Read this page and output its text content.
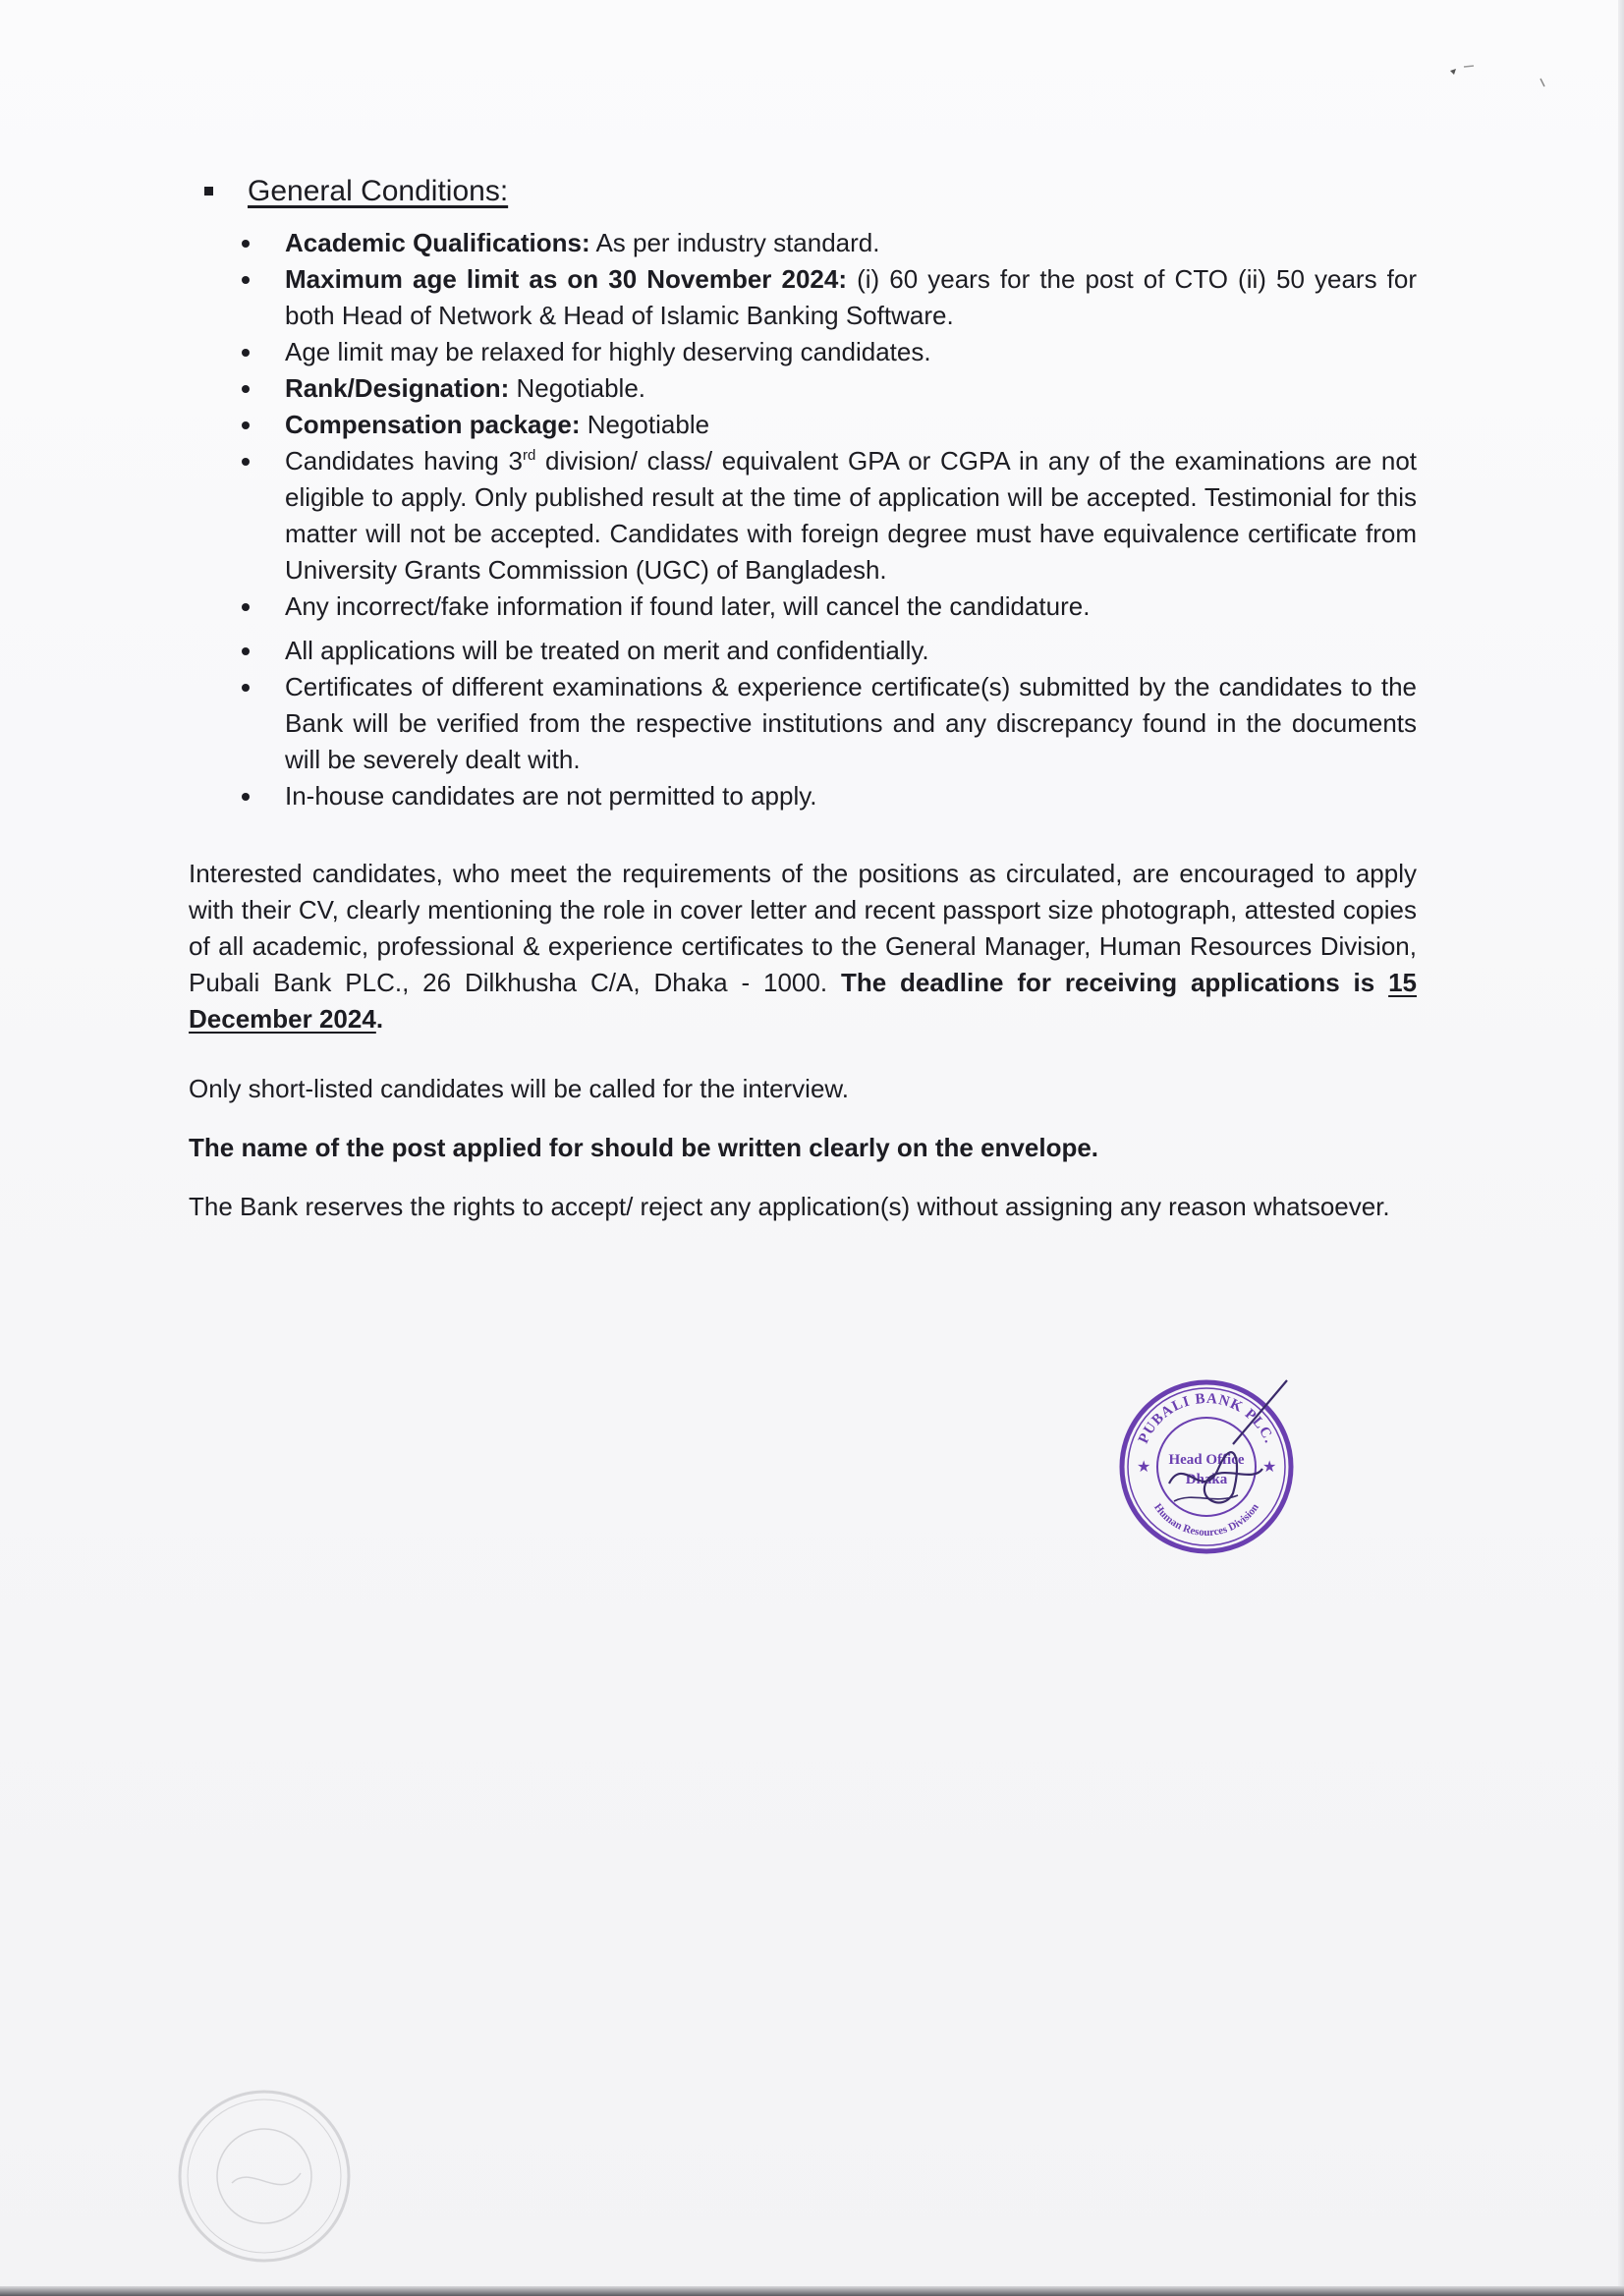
General Conditions:
Academic Qualifications: As per industry standard.
Maximum age limit as on 30 November 2024: (i) 60 years for the post of CTO (ii) 50 years for both Head of Network & Head of Islamic Banking Software.
Age limit may be relaxed for highly deserving candidates.
Rank/Designation: Negotiable.
Compensation package: Negotiable
Candidates having 3rd division/ class/ equivalent GPA or CGPA in any of the examinations are not eligible to apply. Only published result at the time of application will be accepted. Testimonial for this matter will not be accepted. Candidates with foreign degree must have equivalence certificate from University Grants Commission (UGC) of Bangladesh.
Any incorrect/fake information if found later, will cancel the candidature.
All applications will be treated on merit and confidentially.
Certificates of different examinations & experience certificate(s) submitted by the candidates to the Bank will be verified from the respective institutions and any discrepancy found in the documents will be severely dealt with.
In-house candidates are not permitted to apply.

Interested candidates, who meet the requirements of the positions as circulated, are encouraged to apply with their CV, clearly mentioning the role in cover letter and recent passport size photograph, attested copies of all academic, professional & experience certificates to the General Manager, Human Resources Division, Pubali Bank PLC., 26 Dilkhusha C/A, Dhaka - 1000. The deadline for receiving applications is 15 December 2024.

Only short-listed candidates will be called for the interview.

The name of the post applied for should be written clearly on the envelope.

The Bank reserves the rights to accept/ reject any application(s) without assigning any reason whatsoever.

PUBALI BANK PLC.
Human Resources Division
★	★
Head Office
Dhaka
